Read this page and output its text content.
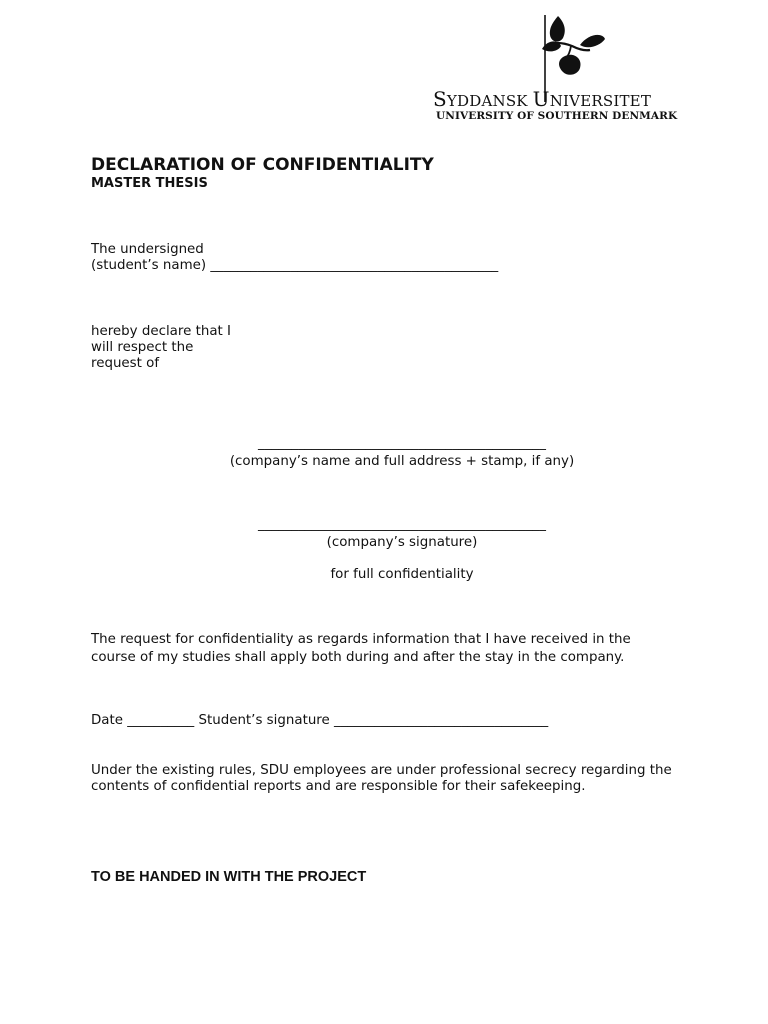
SYDDANSK UNIVERSITET
UNIVERSITY OF SOUTHERN DENMARK
DECLARATION OF CONFIDENTIALITY
MASTER THESIS
The undersigned
(student’s name) ___________________________________________
hereby declare that I
will respect the
request of
___________________________________________
(company’s name and full address + stamp, if any)
___________________________________________
(company’s signature)
for full confidentiality
The request for confidentiality as regards information that I have received in the
course of my studies shall apply both during and after the stay in the company.
Date __________ Student’s signature ________________________________
Under the existing rules, SDU employees are under professional secrecy regarding the
contents of confidential reports and are responsible for their safekeeping.
TO BE HANDED IN WITH THE PROJECT
